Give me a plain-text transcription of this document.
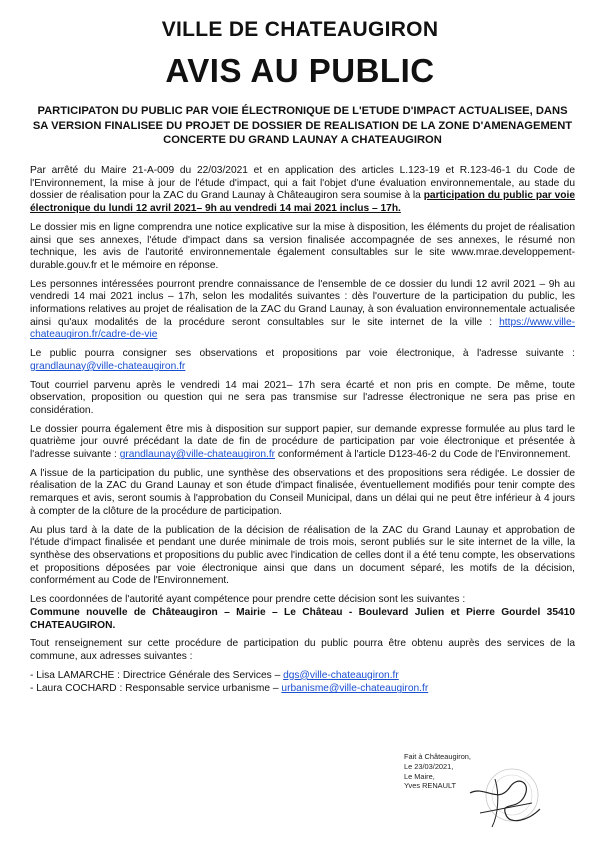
VILLE DE CHATEAUGIRON
AVIS AU PUBLIC
PARTICIPATON DU PUBLIC PAR VOIE ÉLECTRONIQUE DE L'ETUDE D'IMPACT ACTUALISEE, DANS SA VERSION FINALISEE DU PROJET DE DOSSIER DE REALISATION DE LA ZONE D'AMENAGEMENT CONCERTE DU GRAND LAUNAY A CHATEAUGIRON

Par arrêté du Maire 21-A-009 du 22/03/2021 et en application des articles L.123-19 et R.123-46-1 du Code de l'Environnement, la mise à jour de l'étude d'impact, qui a fait l'objet d'une évaluation environnementale, au stade du dossier de réalisation pour la ZAC du Grand Launay à Châteaugiron sera soumise à la participation du public par voie électronique du lundi 12 avril 2021– 9h au vendredi 14 mai 2021 inclus – 17h.

Le dossier mis en ligne comprendra une notice explicative sur la mise à disposition, les éléments du projet de réalisation ainsi que ses annexes, l'étude d'impact dans sa version finalisée accompagnée de ses annexes, le résumé non technique, les avis de l'autorité environnementale également consultables sur le site www.mrae.developpement-durable.gouv.fr et le mémoire en réponse.

Les personnes intéressées pourront prendre connaissance de l'ensemble de ce dossier du lundi 12 avril 2021 – 9h au vendredi 14 mai 2021 inclus – 17h, selon les modalités suivantes : dès l'ouverture de la participation du public, les informations relatives au projet de réalisation de la ZAC du Grand Launay, à son évaluation environnementale actualisée ainsi qu'aux modalités de la procédure seront consultables sur le site internet de la ville : https://www.ville-chateaugiron.fr/cadre-de-vie

Le public pourra consigner ses observations et propositions par voie électronique, à l'adresse suivante : grandlaunay@ville-chateaugiron.fr

Tout courriel parvenu après le vendredi 14 mai 2021– 17h sera écarté et non pris en compte. De même, toute observation, proposition ou question qui ne sera pas transmise sur l'adresse électronique ne sera pas prise en considération.

Le dossier pourra également être mis à disposition sur support papier, sur demande expresse formulée au plus tard le quatrième jour ouvré précédant la date de fin de procédure de participation par voie électronique et présentée à l'adresse suivante : grandlaunay@ville-chateaugiron.fr conformément à l'article D123-46-2 du Code de l'Environnement.

A l'issue de la participation du public, une synthèse des observations et des propositions sera rédigée. Le dossier de réalisation de la ZAC du Grand Launay et son étude d'impact finalisée, éventuellement modifiés pour tenir compte des remarques et avis, seront soumis à l'approbation du Conseil Municipal, dans un délai qui ne peut être inférieur à 4 jours à compter de la clôture de la procédure de participation.

Au plus tard à la date de la publication de la décision de réalisation de la ZAC du Grand Launay et approbation de l'étude d'impact finalisée et pendant une durée minimale de trois mois, seront publiés sur le site internet de la ville, la synthèse des observations et propositions du public avec l'indication de celles dont il a été tenu compte, les observations et propositions déposées par voie électronique ainsi que dans un document séparé, les motifs de la décision, conformément au Code de l'Environnement.

Les coordonnées de l'autorité ayant compétence pour prendre cette décision sont les suivantes :
Commune nouvelle de Châteaugiron – Mairie – Le Château - Boulevard Julien et Pierre Gourdel 35410 CHATEAUGIRON.

Tout renseignement sur cette procédure de participation du public pourra être obtenu auprès des services de la commune, aux adresses suivantes :

- Lisa LAMARCHE : Directrice Générale des Services – dgs@ville-chateaugiron.fr
- Laura COCHARD : Responsable service urbanisme – urbanisme@ville-chateaugiron.fr
Fait à Châteaugiron,
Le 23/03/2021,
Le Maire,
Yves RENAULT
